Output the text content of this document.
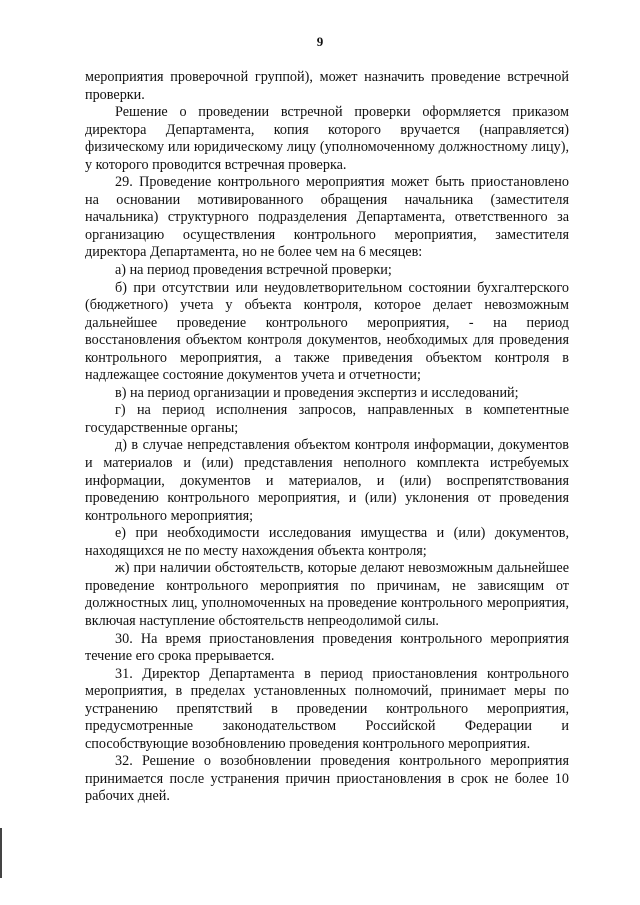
9

мероприятия проверочной группой), может назначить проведение встречной проверки.

Решение о проведении встречной проверки оформляется приказом директора Департамента, копия которого вручается (направляется) физическому или юридическому лицу (уполномоченному должностному лицу), у которого проводится встречная проверка.

29. Проведение контрольного мероприятия может быть приостановлено на основании мотивированного обращения начальника (заместителя начальника) структурного подразделения Департамента, ответственного за организацию осуществления контрольного мероприятия, заместителя директора Департамента, но не более чем на 6 месяцев:

а) на период проведения встречной проверки;

б) при отсутствии или неудовлетворительном состоянии бухгалтерского (бюджетного) учета у объекта контроля, которое делает невозможным дальнейшее проведение контрольного мероприятия, - на период восстановления объектом контроля документов, необходимых для проведения контрольного мероприятия, а также приведения объектом контроля в надлежащее состояние документов учета и отчетности;

в) на период организации и проведения экспертиз и исследований;

г) на период исполнения запросов, направленных в компетентные государственные органы;

д) в случае непредставления объектом контроля информации, документов и материалов и (или) представления неполного комплекта истребуемых информации, документов и материалов, и (или) воспрепятствования проведению контрольного мероприятия, и (или) уклонения от проведения контрольного мероприятия;

е) при необходимости исследования имущества и (или) документов, находящихся не по месту нахождения объекта контроля;

ж) при наличии обстоятельств, которые делают невозможным дальнейшее проведение контрольного мероприятия по причинам, не зависящим от должностных лиц, уполномоченных на проведение контрольного мероприятия, включая наступление обстоятельств непреодолимой силы.

30. На время приостановления проведения контрольного мероприятия течение его срока прерывается.

31. Директор Департамента в период приостановления контрольного мероприятия, в пределах установленных полномочий, принимает меры по устранению препятствий в проведении контрольного мероприятия, предусмотренные законодательством Российской Федерации и способствующие возобновлению проведения контрольного мероприятия.

32. Решение о возобновлении проведения контрольного мероприятия принимается после устранения причин приостановления в срок не более 10 рабочих дней.
